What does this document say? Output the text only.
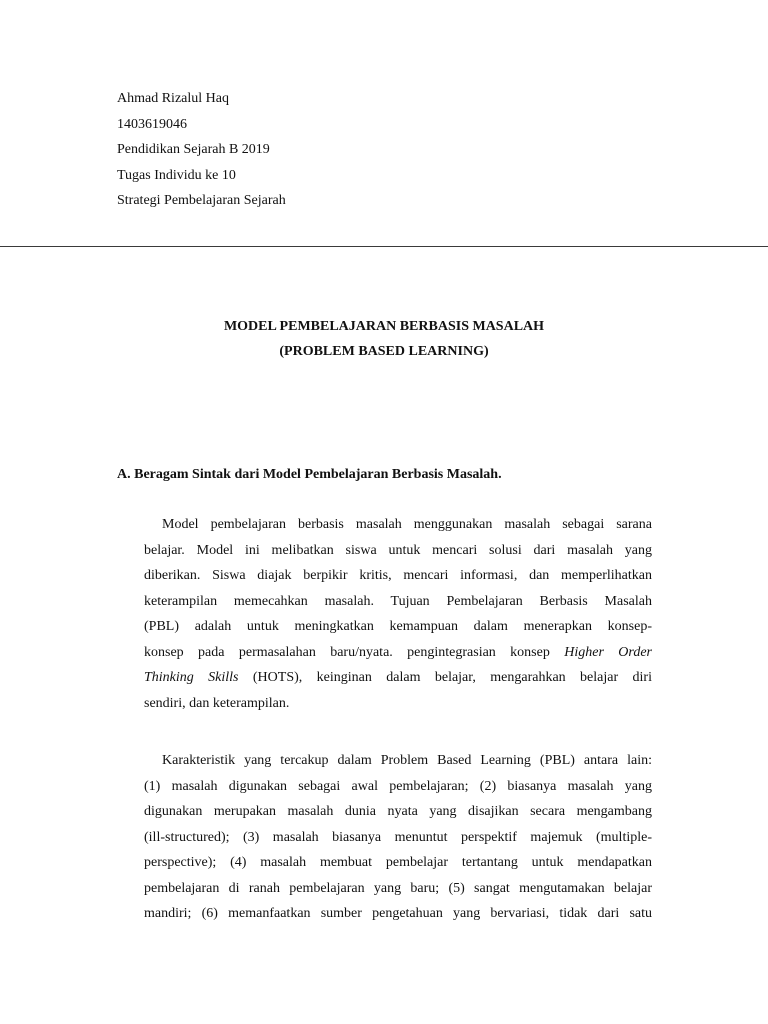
Ahmad Rizalul Haq
1403619046
Pendidikan Sejarah B 2019
Tugas Individu ke 10
Strategi Pembelajaran Sejarah
MODEL PEMBELAJARAN BERBASIS MASALAH
(PROBLEM BASED LEARNING)
A. Beragam Sintak dari Model Pembelajaran Berbasis Masalah.
Model pembelajaran berbasis masalah menggunakan masalah sebagai sarana
belajar. Model ini melibatkan siswa untuk mencari solusi dari masalah yang
diberikan. Siswa diajak berpikir kritis, mencari informasi, dan memperlihatkan
keterampilan memecahkan masalah. Tujuan Pembelajaran Berbasis Masalah
(PBL) adalah untuk meningkatkan kemampuan dalam menerapkan konsep-
konsep pada permasalahan baru/nyata. pengintegrasian konsep Higher Order
Thinking Skills (HOTS), keinginan dalam belajar, mengarahkan belajar diri
sendiri, dan keterampilan.
Karakteristik yang tercakup dalam Problem Based Learning (PBL) antara lain:
(1) masalah digunakan sebagai awal pembelajaran; (2) biasanya masalah yang
digunakan merupakan masalah dunia nyata yang disajikan secara mengambang
(ill-structured); (3) masalah biasanya menuntut perspektif majemuk (multiple-
perspective); (4) masalah membuat pembelajar tertantang untuk mendapatkan
pembelajaran di ranah pembelajaran yang baru; (5) sangat mengutamakan belajar
mandiri; (6) memanfaatkan sumber pengetahuan yang bervariasi, tidak dari satu
